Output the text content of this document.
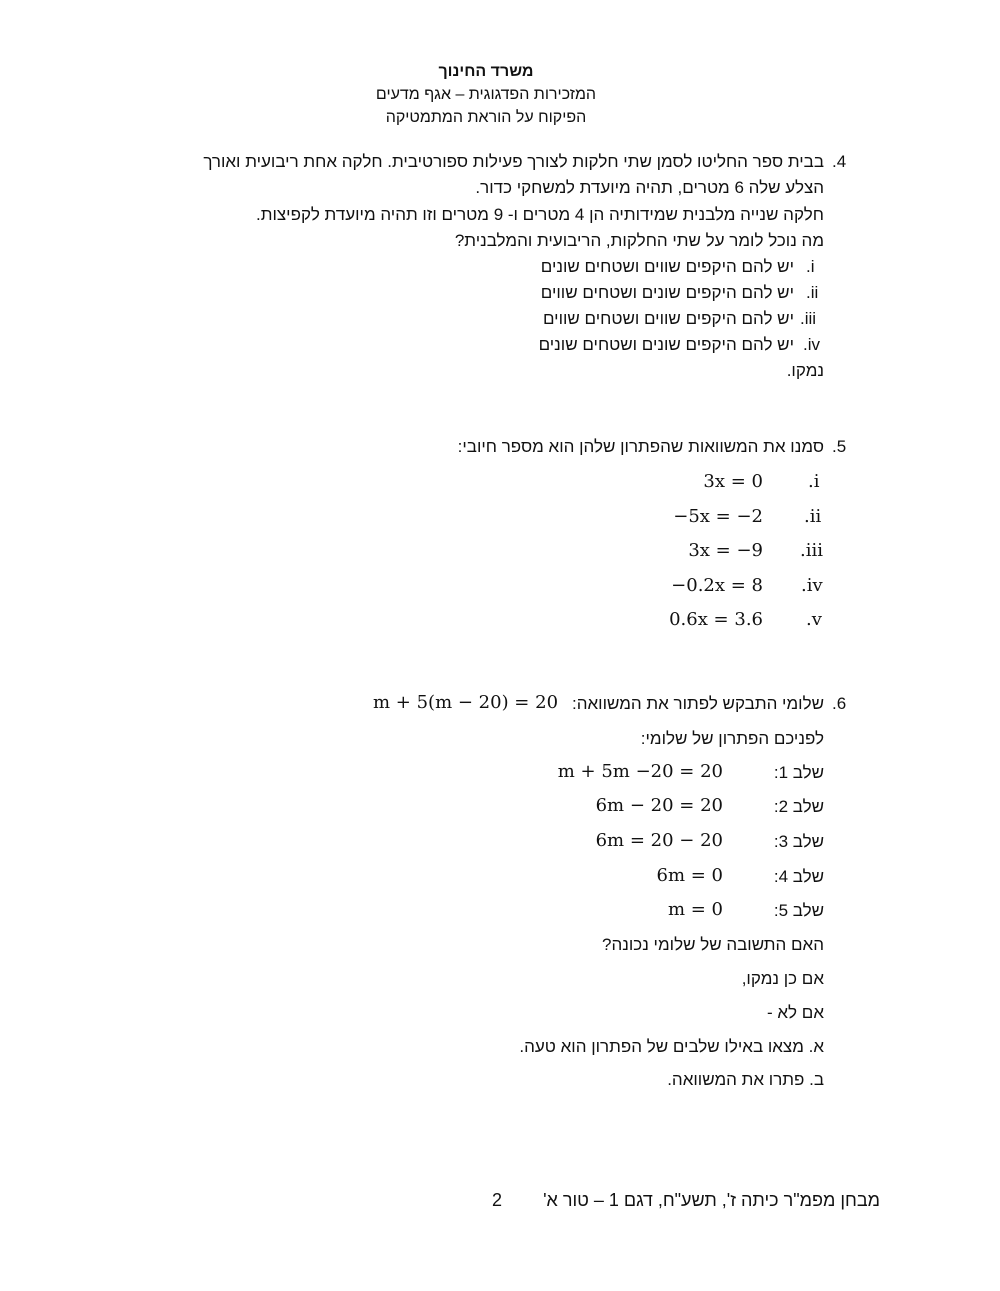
משרד החינוך
המזכירות הפדגוגית – אגף מדעים
הפיקוח על הוראת המתמטיקה
.4
בבית ספר החליטו לסמן שתי חלקות לצורך פעילות ספורטיבית. חלקה אחת ריבועית ואורך
הצלע שלה 6 מטרים, תהיה מיועדת למשחקי כדור.
חלקה שנייה מלבנית שמידותיה הן 4 מטרים ו- 9 מטרים וזו תהיה מיועדת לקפיצות.
מה נוכל לומר על שתי החלקות, הריבועית והמלבנית?
.i
יש להם היקפים שווים ושטחים שונים
.ii
יש להם היקפים שונים ושטחים שווים
.iii
יש להם היקפים שווים ושטחים שווים
.iv
יש להם היקפים שונים ושטחים שונים
נמקו.
.5
סמנו את המשוואות שהפתרון שלהן הוא מספר חיובי:
.i
3x = 0
.ii
−5x = −2
.iii
3x = −9
.iv
−0.2x = 8
.v
0.6x = 3.6
.6
שלומי התבקש לפתור את המשוואה:
m + 5(m − 20) = 20
לפניכם הפתרון של שלומי:
שלב 1:
m + 5m −20 = 20
שלב 2:
6m − 20 = 20
שלב 3:
6m = 20 − 20
שלב 4:
6m = 0
שלב 5:
m = 0
האם התשובה של שלומי נכונה?
אם כן נמקו,
אם לא -
א. מצאו באילו שלבים של הפתרון הוא טעה.
ב. פתרו את המשוואה.
מבחן מפמ"ר כיתה ז', תשע"ח, דגם 1 – טור א'
2
